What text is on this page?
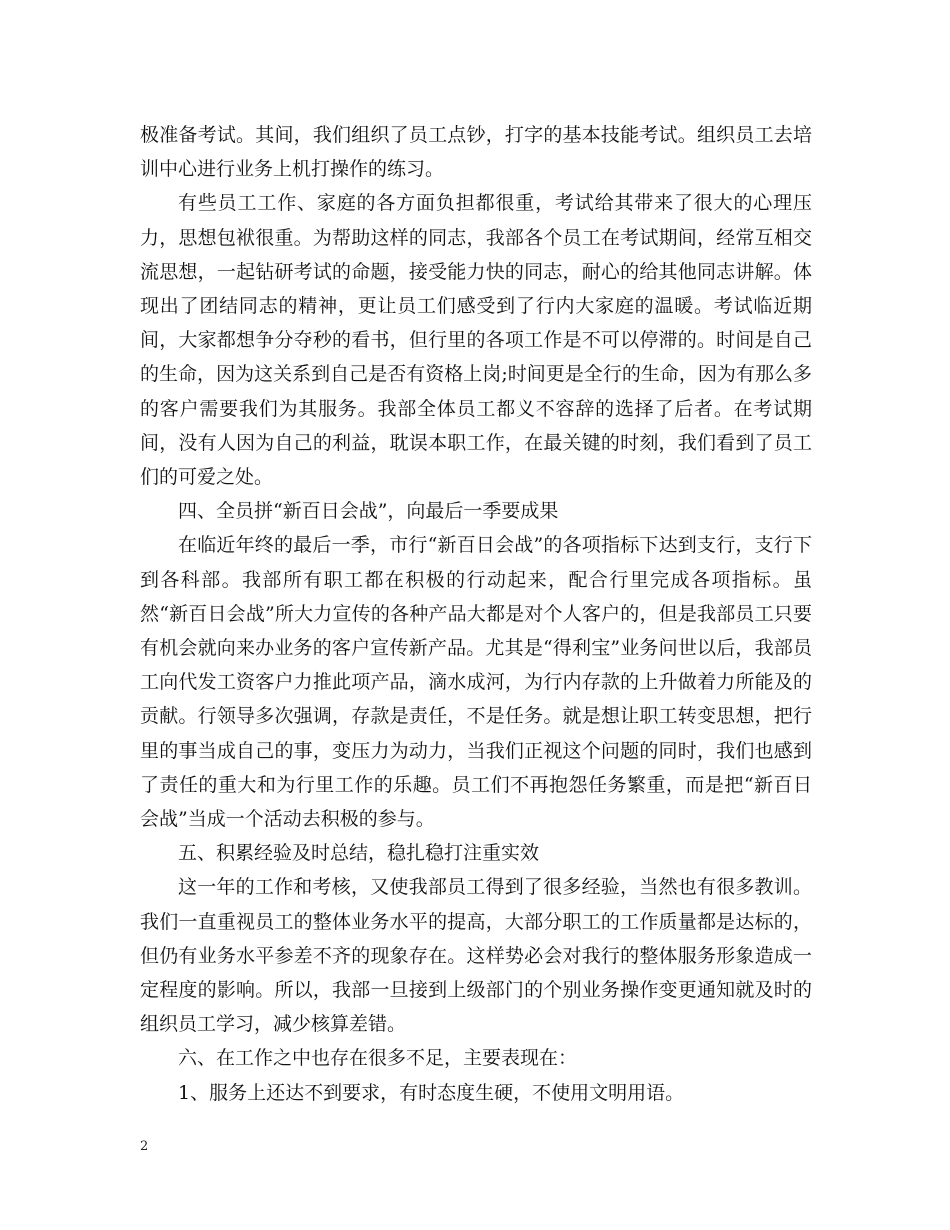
极准备考试。其间，我们组织了员工点钞，打字的基本技能考试。组织员工去培训中心进行业务上机打操作的练习。

有些员工工作、家庭的各方面负担都很重，考试给其带来了很大的心理压力，思想包袱很重。为帮助这样的同志，我部各个员工在考试期间，经常互相交流思想，一起钻研考试的命题，接受能力快的同志，耐心的给其他同志讲解。体现出了团结同志的精神，更让员工们感受到了行内大家庭的温暖。考试临近期间，大家都想争分夺秒的看书，但行里的各项工作是不可以停滞的。时间是自己的生命，因为这关系到自己是否有资格上岗;时间更是全行的生命，因为有那么多的客户需要我们为其服务。我部全体员工都义不容辞的选择了后者。在考试期间，没有人因为自己的利益，耽误本职工作，在最关键的时刻，我们看到了员工们的可爱之处。

四、全员拼“新百日会战”，向最后一季要成果

在临近年终的最后一季，市行“新百日会战”的各项指标下达到支行，支行下到各科部。我部所有职工都在积极的行动起来，配合行里完成各项指标。虽然“新百日会战”所大力宣传的各种产品大都是对个人客户的，但是我部员工只要有机会就向来办业务的客户宣传新产品。尤其是“得利宝”业务问世以后，我部员工向代发工资客户力推此项产品，滴水成河，为行内存款的上升做着力所能及的贡献。行领导多次强调，存款是责任，不是任务。就是想让职工转变思想，把行里的事当成自己的事，变压力为动力，当我们正视这个问题的同时，我们也感到了责任的重大和为行里工作的乐趣。员工们不再抱怨任务繁重，而是把“新百日会战”当成一个活动去积极的参与。

五、积累经验及时总结，稳扎稳打注重实效

这一年的工作和考核，又使我部员工得到了很多经验，当然也有很多教训。我们一直重视员工的整体业务水平的提高，大部分职工的工作质量都是达标的，但仍有业务水平参差不齐的现象存在。这样势必会对我行的整体服务形象造成一定程度的影响。所以，我部一旦接到上级部门的个别业务操作变更通知就及时的组织员工学习，减少核算差错。

六、在工作之中也存在很多不足，主要表现在：

1、服务上还达不到要求，有时态度生硬，不使用文明用语。

2
